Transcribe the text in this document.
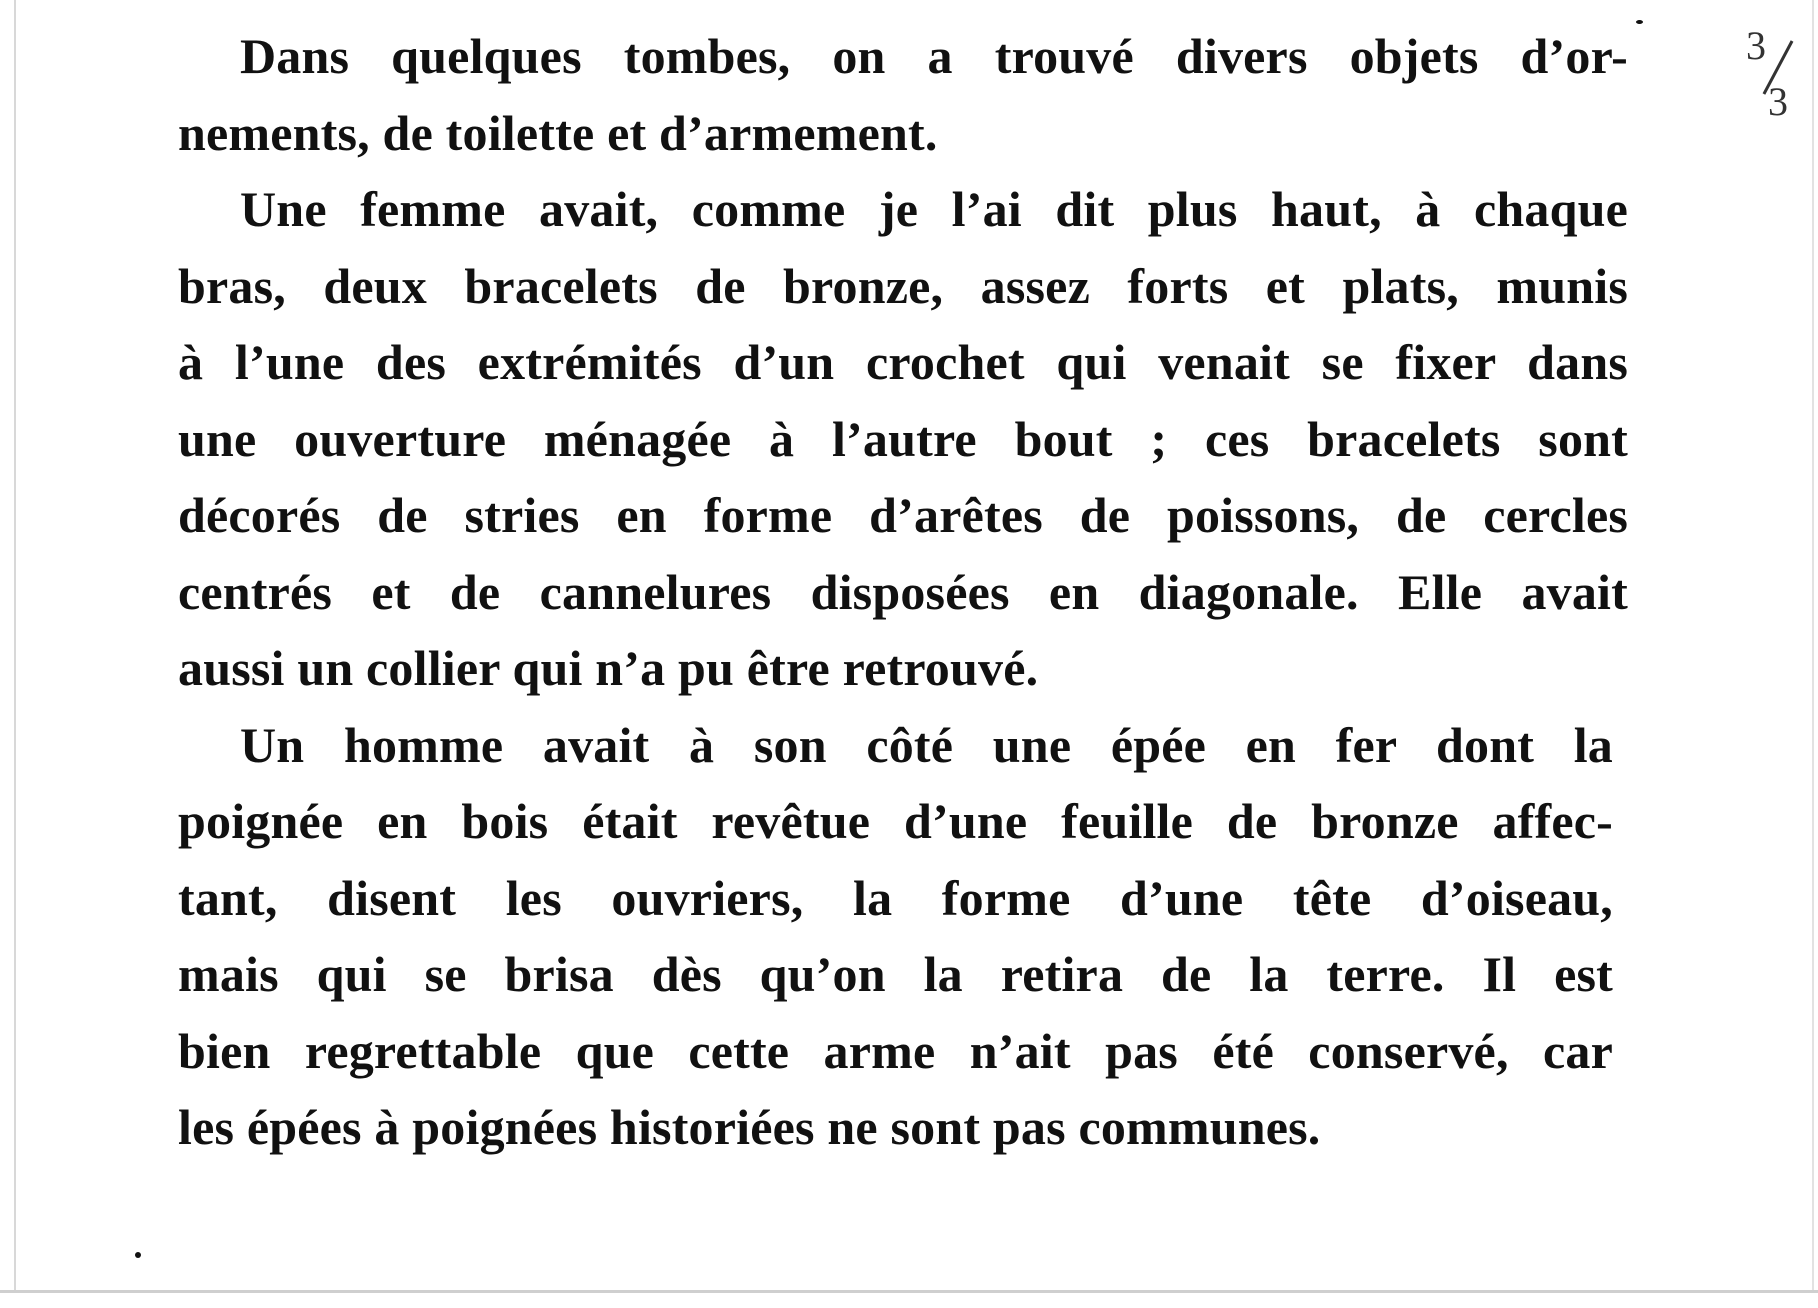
3
3
Dans quelques tombes, on a trouvé divers objets d’or-
nements, de toilette et d’armement.
Une femme avait, comme je l’ai dit plus haut, à chaque
bras, deux bracelets de bronze, assez forts et plats, munis
à l’une des extrémités d’un crochet qui venait se fixer dans
une ouverture ménagée à l’autre bout ; ces bracelets sont
décorés de stries en forme d’arêtes de poissons, de cercles
centrés et de cannelures disposées en diagonale. Elle avait
aussi un collier qui n’a pu être retrouvé.
Un homme avait à son côté une épée en fer dont la
poignée en bois était revêtue d’une feuille de bronze affec-
tant, disent les ouvriers, la forme d’une tête d’oiseau,
mais qui se brisa dès qu’on la retira de la terre. Il est
bien regrettable que cette arme n’ait pas été conservé, car
les épées à poignées historiées ne sont pas communes.
